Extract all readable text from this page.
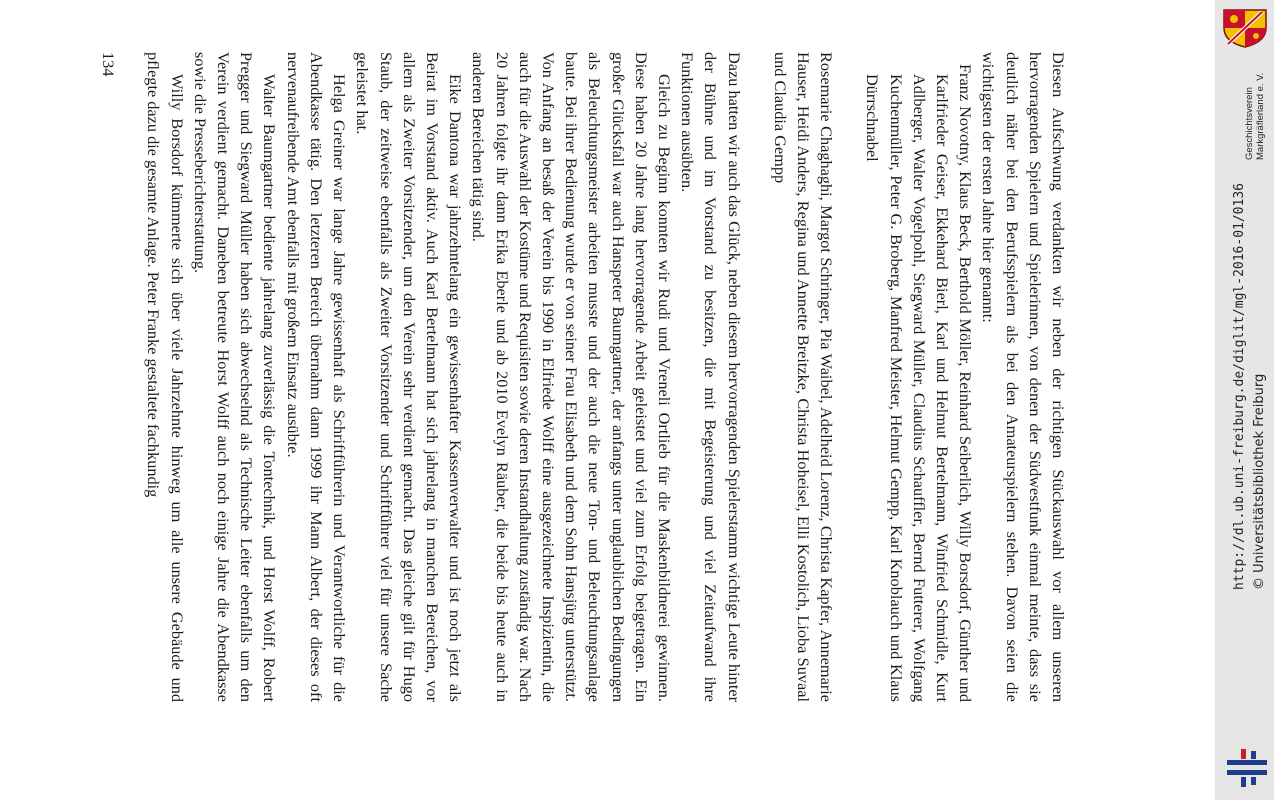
Diesen Aufschwung verdankten wir neben der richtigen Stückauswahl vor allem unseren hervorragenden Spielern und Spielerinnen, von denen der Südwestfunk einmal meinte, dass sie deutlich näher bei den Berufsspielern als bei den Amateurspielern stehen. Davon seien die wichtigsten der ersten Jahre hier genannt:

Franz Novotny, Klaus Beck, Berthold Möller, Reinhard Seiberlich, Willy Borsdorf, Günther und Karlfrieder Geiser, Ekkehard Bierl, Karl und Helmut Bertelmann, Winfried Schmidle, Kurt Adlberger, Walter Vogelpohl, Siegward Müller, Claudius Schauffler, Bernd Futterer, Wolfgang Kuchenmüller, Peter G. Broberg, Manfred Meister, Helmut Gempp, Karl Knoblauch und Klaus Dürrschnabel

Rosemarie Chaghaghi, Margot Schringer, Pia Waibel, Adelheid Lorenz, Christa Kapfer, Annemarie Hauser, Heidi Anders, Regina und Annette Breitzke, Christa Hoheisel, Elli Kostolich, Lioba Suvaal und Claudia Gempp

Dazu hatten wir auch das Glück, neben diesem hervorragenden Spielerstamm wichtige Leute hinter der Bühne und im Vorstand zu besitzen, die mit Begeisterung und viel Zeitaufwand ihre Funktionen ausübten.

Gleich zu Beginn konnten wir Rudi und Vreneli Ortlieb für die Maskenbildnerei gewinnen. Diese haben 20 Jahre lang hervorragende Arbeit geleistet und viel zum Erfolg beigetragen. Ein großer Glücksfall war auch Hanspeter Baumgartner, der anfangs unter unglaublichen Bedingungen als Beleuchtungsmeister arbeiten musste und der auch die neue Ton- und Beleuchtungsanlage baute. Bei ihrer Bedienung wurde er von seiner Frau Elisabeth und dem Sohn Hansjürg unterstützt. Von Anfang an besaß der Verein bis 1990 in Elfriede Wolff eine ausgezeichnete Inspizientin, die auch für die Auswahl der Kostüme und Requisiten sowie deren Instandhaltung zuständig war. Nach 20 Jahren folgte ihr dann Erika Eberle und ab 2010 Evelyn Räuber, die beide bis heute auch in anderen Bereichen tätig sind.

Eike Dantona war jahrzehntelang ein gewissenhafter Kassenverwalter und ist noch jetzt als Beirat im Vorstand aktiv. Auch Karl Bertelmann hat sich jahrelang in manchen Bereichen, vor allem als Zweiter Vorsitzender, um den Verein sehr verdient gemacht. Das gleiche gilt für Hugo Staub, der zeitweise ebenfalls als Zweiter Vorsitzender und Schriftführer viel für unsere Sache geleistet hat.

Helga Greiner war lange Jahre gewissenhaft als Schriftführerin und Verantwortliche für die Abendkasse tätig. Den letzteren Bereich übernahm dann 1999 ihr Mann Albert, der dieses oft nervenaufreibende Amt ebenfalls mit großem Einsatz ausübte.

Walter Baumgartner bediente jahrelang zuverlässig die Tontechnik, und Horst Wolff, Robert Pregger und Siegward Müller haben sich abwechselnd als Technische Leiter ebenfalls um den Verein verdient gemacht. Daneben betreute Horst Wolff auch noch einige Jahre die Abendkasse sowie die Presseberichterstattung.

Willy Borsdorf kümmerte sich über viele Jahrzehnte hinweg um alle unsere Gebäude und pflegte dazu die gesamte Anlage. Peter Franke gestaltete fachkundig

134

Geschichtsverein Markgräflerland e. V.
http://dl.ub.uni-freiburg.de/diglit/mgl-2016-01/0136 © Universitätsbibliothek Freiburg
